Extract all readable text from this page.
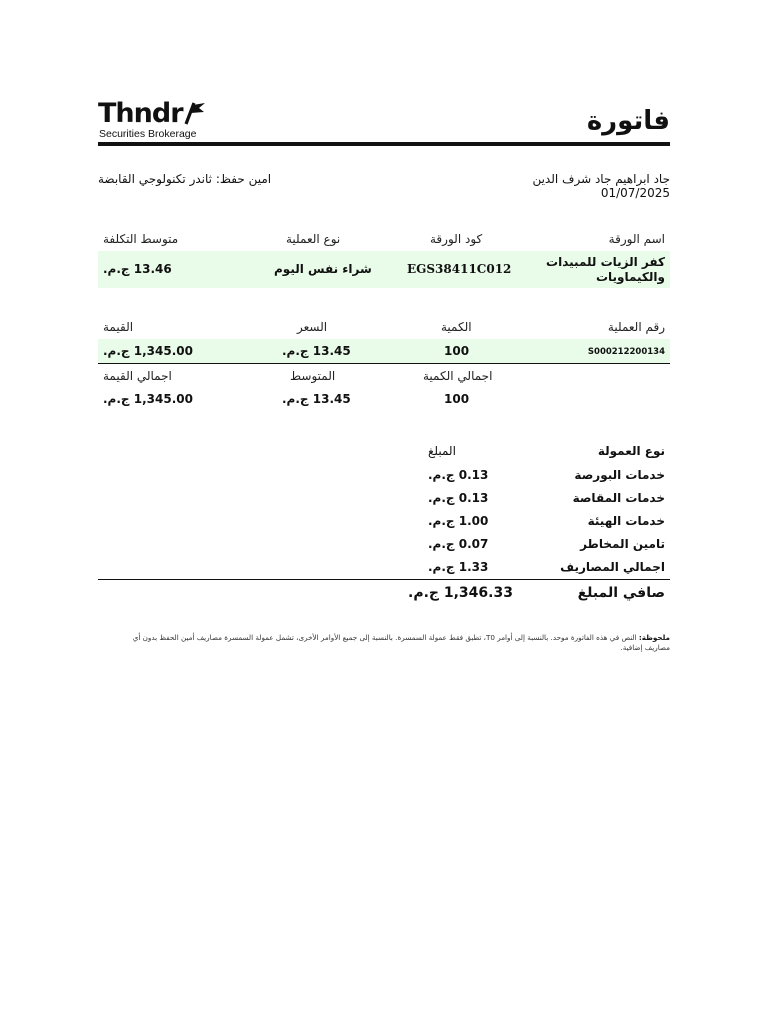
Thndr
Securities Brokerage	فاتورة
جاد ابراهيم جاد شرف الدين
01/07/2025
امين حفظ: ثاندر تكنولوجي القابضة
اسم الورقة
كود الورقة
نوع العملية
متوسط التكلفة
كفر الزيات للمبيدات
والكيماويات
EGS38411C012
شراء نفس اليوم
13.46 ج.م.
رقم العملية
الكمية
السعر
القيمة
S000212200134
100
13.45 ج.م.
1,345.00 ج.م.
اجمالي الكمية
المتوسط
اجمالي القيمة
100
13.45 ج.م.
1,345.00 ج.م.
نوع العمولة
المبلغ
خدمات البورصة
0.13 ج.م.
خدمات المقاصة
0.13 ج.م.
خدمات الهيئة
1.00 ج.م.
تامين المخاطر
0.07 ج.م.
اجمالي المصاريف
1.33 ج.م.
صافي المبلغ
1,346.33 ج.م.
ملحوظة: النص في هذه الفاتورة موحد. بالنسبة إلى أوامر T0، تطبق فقط عمولة السمسرة. بالنسبة إلى جميع الأوامر الأخرى، تشمل عمولة السمسرة مصاريف أمين الحفظ بدون أي مصاريف إضافية.
